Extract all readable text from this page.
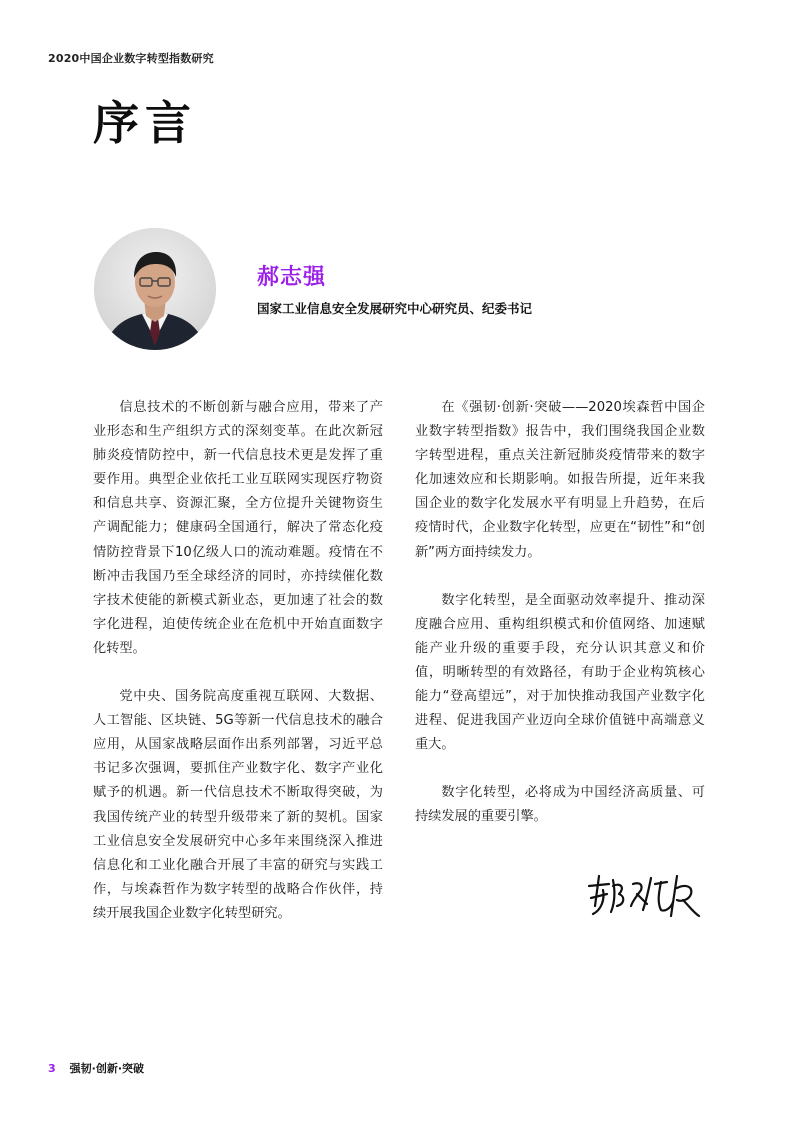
2020中国企业数字转型指数研究
序言
郝志强
国家工业信息安全发展研究中心研究员、纪委书记

信息技术的不断创新与融合应用，带来了产业形态和生产组织方式的深刻变革。在此次新冠肺炎疫情防控中，新一代信息技术更是发挥了重要作用。典型企业依托工业互联网实现医疗物资和信息共享、资源汇聚，全方位提升关键物资生产调配能力；健康码全国通行，解决了常态化疫情防控背景下10亿级人口的流动难题。疫情在不断冲击我国乃至全球经济的同时，亦持续催化数字技术使能的新模式新业态，更加速了社会的数字化进程，迫使传统企业在危机中开始直面数字化转型。

党中央、国务院高度重视互联网、大数据、人工智能、区块链、5G等新一代信息技术的融合应用，从国家战略层面作出系列部署，习近平总书记多次强调，要抓住产业数字化、数字产业化赋予的机遇。新一代信息技术不断取得突破，为我国传统产业的转型升级带来了新的契机。国家工业信息安全发展研究中心多年来围绕深入推进信息化和工业化融合开展了丰富的研究与实践工作，与埃森哲作为数字转型的战略合作伙伴，持续开展我国企业数字化转型研究。

在《强韧·创新·突破——2020埃森哲中国企业数字转型指数》报告中，我们围绕我国企业数字转型进程，重点关注新冠肺炎疫情带来的数字化加速效应和长期影响。如报告所提，近年来我国企业的数字化发展水平有明显上升趋势，在后疫情时代，企业数字化转型，应更在“韧性”和“创新”两方面持续发力。

数字化转型，是全面驱动效率提升、推动深度融合应用、重构组织模式和价值网络、加速赋能产业升级的重要手段，充分认识其意义和价值，明晰转型的有效路径，有助于企业构筑核心能力“登高望远”，对于加快推动我国产业数字化进程、促进我国产业迈向全球价值链中高端意义重大。

数字化转型，必将成为中国经济高质量、可持续发展的重要引擎。

3 强韧·创新·突破
